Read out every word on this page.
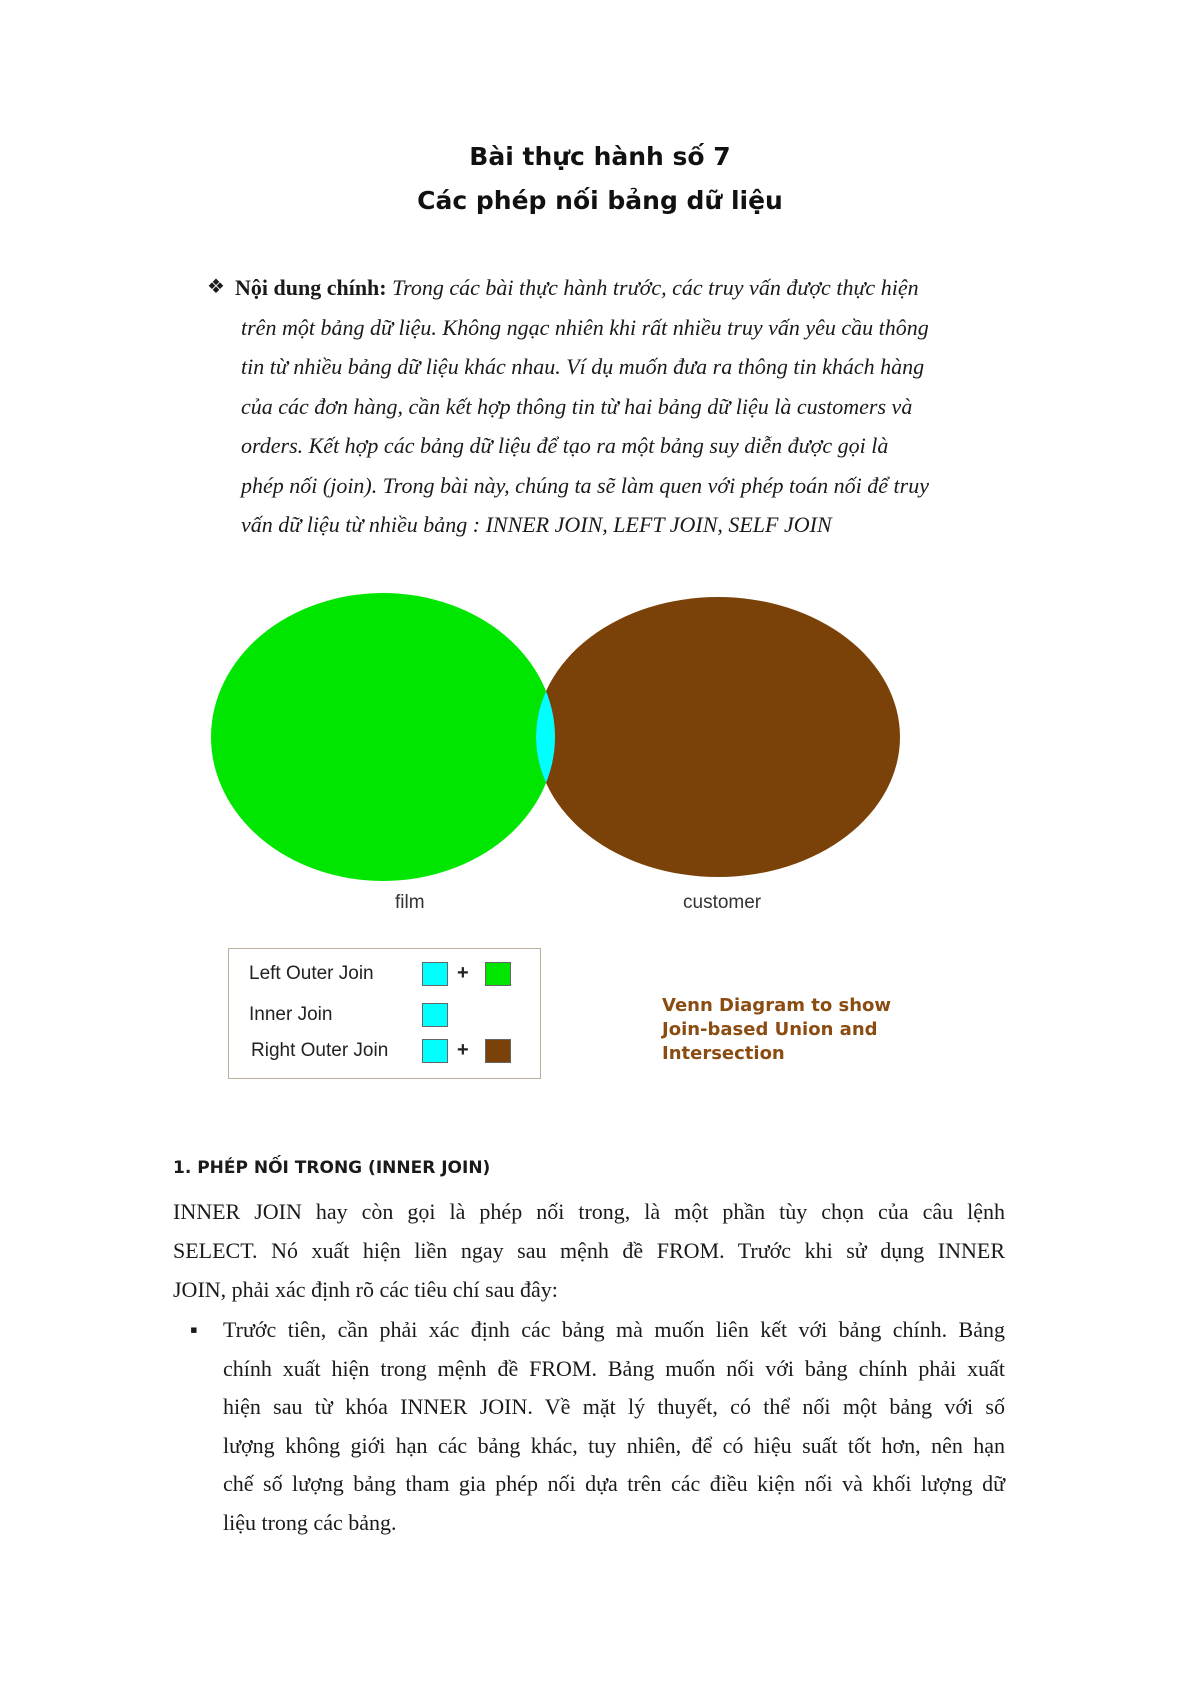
Bài thực hành số 7
Các phép nối bảng dữ liệu
❖ Nội dung chính: Trong các bài thực hành trước, các truy vấn được thực hiện
trên một bảng dữ liệu. Không ngạc nhiên khi rất nhiều truy vấn yêu cầu thông
tin từ nhiều bảng dữ liệu khác nhau. Ví dụ muốn đưa ra thông tin khách hàng
của các đơn hàng, cần kết hợp thông tin từ hai bảng dữ liệu là customers và
orders. Kết hợp các bảng dữ liệu để tạo ra một bảng suy diễn được gọi là
phép nối (join). Trong bài này, chúng ta sẽ làm quen với phép toán nối để truy
vấn dữ liệu từ nhiều bảng : INNER JOIN, LEFT JOIN, SELF JOIN
film	customer
Left Outer Join	+
Inner Join
Right Outer Join	+
Venn Diagram to show
Join-based Union and
Intersection
1. PHÉP NỐI TRONG (INNER JOIN)
INNER JOIN hay còn gọi là phép nối trong, là một phần tùy chọn của câu lệnh
SELECT. Nó xuất hiện liền ngay sau mệnh đề FROM. Trước khi sử dụng INNER
JOIN, phải xác định rõ các tiêu chí sau đây:
▪ Trước tiên, cần phải xác định các bảng mà muốn liên kết với bảng chính. Bảng
chính xuất hiện trong mệnh đề FROM. Bảng muốn nối với bảng chính phải xuất
hiện sau từ khóa INNER JOIN. Về mặt lý thuyết, có thể nối một bảng với số
lượng không giới hạn các bảng khác, tuy nhiên, để có hiệu suất tốt hơn, nên hạn
chế số lượng bảng tham gia phép nối dựa trên các điều kiện nối và khối lượng dữ
liệu trong các bảng.
